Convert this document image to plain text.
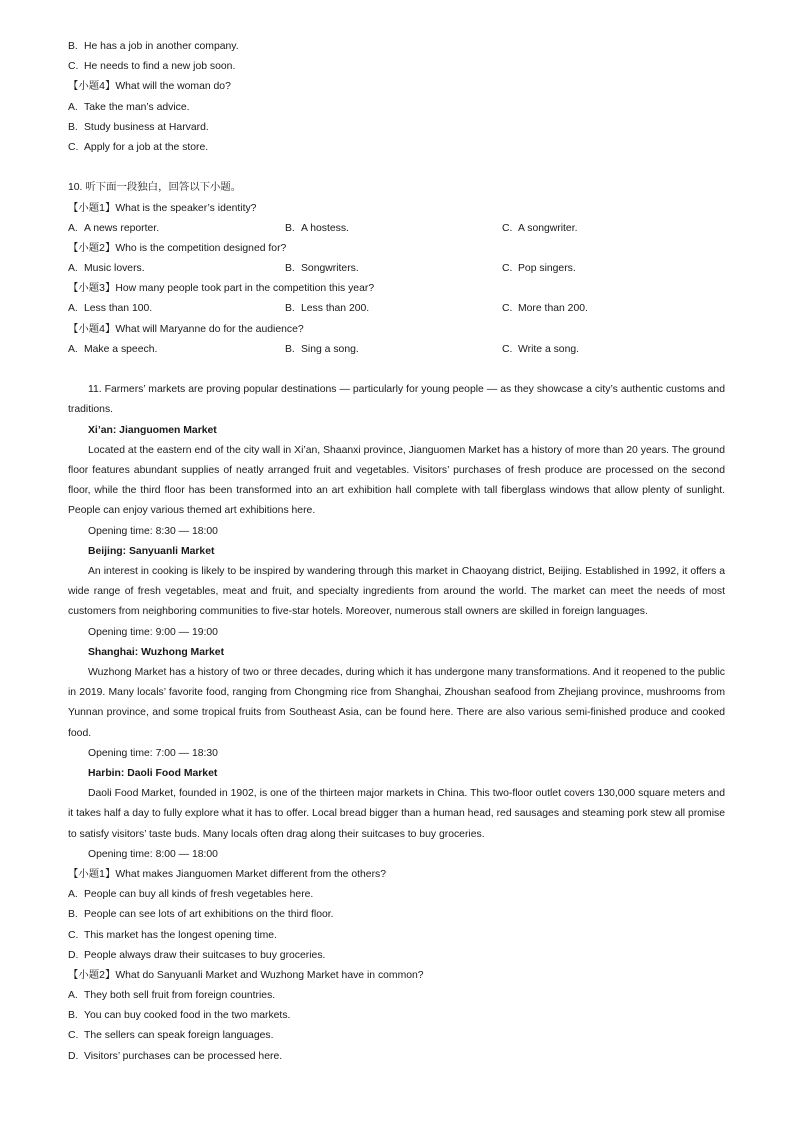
B. He has a job in another company.
C. He needs to find a new job soon.
【小题4】What will the woman do?
A. Take the man’s advice.
B. Study business at Harvard.
C. Apply for a job at the store.
10. 听下面一段独白，回答以下小题。
【小题1】What is the speaker’s identity?
A. A news reporter.	B. A hostess.	C. A songwriter.
【小题2】Who is the competition designed for?
A. Music lovers.	B. Songwriters.	C. Pop singers.
【小题3】How many people took part in the competition this year?
A. Less than 100.	B. Less than 200.	C. More than 200.
【小题4】What will Maryanne do for the audience?
A. Make a speech.	B. Sing a song.	C. Write a song.
11. Farmers’ markets are proving popular destinations — particularly for young people — as they showcase a city’s authentic customs and traditions.
Xi’an: Jianguomen Market
Located at the eastern end of the city wall in Xi’an, Shaanxi province, Jianguomen Market has a history of more than 20 years. The ground floor features abundant supplies of neatly arranged fruit and vegetables. Visitors’ purchases of fresh produce are processed on the second floor, while the third floor has been transformed into an art exhibition hall complete with tall fiberglass windows that allow plenty of sunlight. People can enjoy various themed art exhibitions here.
Opening time: 8:30 — 18:00
Beijing: Sanyuanli Market
An interest in cooking is likely to be inspired by wandering through this market in Chaoyang district, Beijing. Established in 1992, it offers a wide range of fresh vegetables, meat and fruit, and specialty ingredients from around the world. The market can meet the needs of most customers from neighboring communities to five-star hotels. Moreover, numerous stall owners are skilled in foreign languages.
Opening time: 9:00 — 19:00
Shanghai: Wuzhong Market
Wuzhong Market has a history of two or three decades, during which it has undergone many transformations. And it reopened to the public in 2019. Many locals’ favorite food, ranging from Chongming rice from Shanghai, Zhoushan seafood from Zhejiang province, mushrooms from Yunnan province, and some tropical fruits from Southeast Asia, can be found here. There are also various semi-finished produce and cooked food.
Opening time: 7:00 — 18:30
Harbin: Daoli Food Market
Daoli Food Market, founded in 1902, is one of the thirteen major markets in China. This two-floor outlet covers 130,000 square meters and it takes half a day to fully explore what it has to offer. Local bread bigger than a human head, red sausages and steaming pork stew all promise to satisfy visitors’ taste buds. Many locals often drag along their suitcases to buy groceries.
Opening time: 8:00 — 18:00
【小题1】What makes Jianguomen Market different from the others?
A. People can buy all kinds of fresh vegetables here.
B. People can see lots of art exhibitions on the third floor.
C. This market has the longest opening time.
D. People always draw their suitcases to buy groceries.
【小题2】What do Sanyuanli Market and Wuzhong Market have in common?
A. They both sell fruit from foreign countries.
B. You can buy cooked food in the two markets.
C. The sellers can speak foreign languages.
D. Visitors’ purchases can be processed here.
